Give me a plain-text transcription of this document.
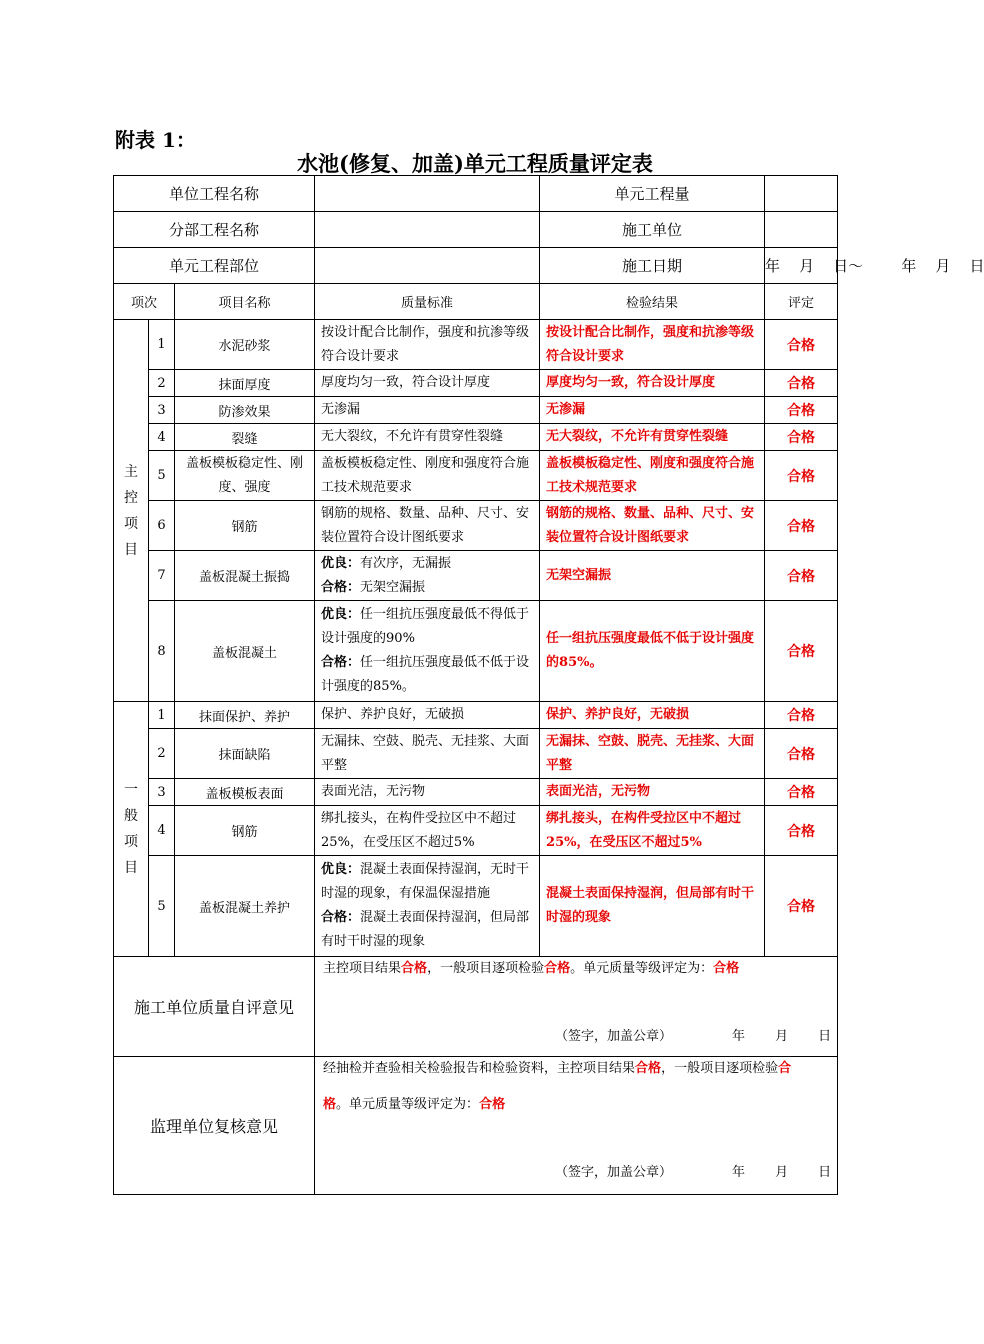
附表 1：
水池(修复、加盖)单元工程质量评定表
单位工程名称				单元工程量	
分部工程名称				施工单位	
单元工程部位				施工日期	年    月    日～        年    月    日
项次		项目名称	质量标准	检验结果	评定

主
控
项
目	1	水泥砂浆	按设计配合比制作，强度和抗渗等级符合设计要求	按设计配合比制作，强度和抗渗等级符合设计要求	合格
	2	抹面厚度	厚度均匀一致，符合设计厚度	厚度均匀一致，符合设计厚度	合格
	3	防渗效果	无渗漏	无渗漏	合格
	4	裂缝	无大裂纹，不允许有贯穿性裂缝	无大裂纹，不允许有贯穿性裂缝	合格
	5	盖板模板稳定性、刚度、强度	盖板模板稳定性、刚度和强度符合施工技术规范要求	盖板模板稳定性、刚度和强度符合施工技术规范要求	合格
	6	钢筋	钢筋的规格、数量、品种、尺寸、安装位置符合设计图纸要求	钢筋的规格、数量、品种、尺寸、安装位置符合设计图纸要求	合格
	7	盖板混凝土振捣	优良：有次序，无漏振
合格：无架空漏振	无架空漏振	合格
	8	盖板混凝土	优良：任一组抗压强度最低不得低于设计强度的90%
合格：任一组抗压强度最低不低于设计强度的85%。	任一组抗压强度最低不低于设计强度的85%。	合格

一
般
项
目	1	抹面保护、养护	保护、养护良好，无破损	保护、养护良好，无破损	合格
	2	抹面缺陷	无漏抹、空鼓、脱壳、无挂浆、大面平整	无漏抹、空鼓、脱壳、无挂浆、大面平整	合格
	3	盖板模板表面	表面光洁，无污物	表面光洁，无污物	合格
	4	钢筋	绑扎接头，在构件受拉区中不超过25%，在受压区不超过5%	绑扎接头，在构件受拉区中不超过25%，在受压区不超过5%	合格
	5	盖板混凝土养护	优良：混凝土表面保持湿润，无时干时湿的现象，有保温保湿措施
合格：混凝土表面保持湿润，但局部有时干时湿的现象	混凝土表面保持湿润，但局部有时干时湿的现象	合格
施工单位质量自评意见			主控项目结果合格，一般项目逐项检验合格。单元质量等级评定为：合格
（签字，加盖公章） 年 月 日		

监理单位复核意见			经抽检并查验相关检验报告和检验资料，主控项目结果合格，一般项目逐项检验合
格。单元质量等级评定为：合格
（签字，加盖公章） 年 月 日		
